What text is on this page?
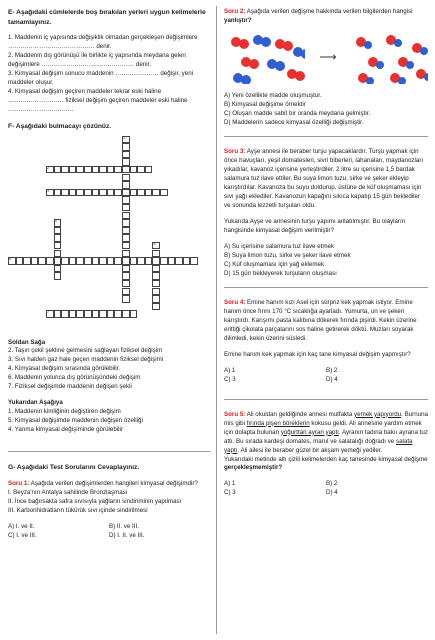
E- Aşağıdaki cümlelerde boş bırakılan yerleri uygun kelimelerle tamamlayınız.
1. Maddenin iç yapısında değişiklik olmadan gerçekleşen değişimlere …………………………………… denir.
2. Maddenin dış görünüşü ile birlikte iç yapısında meydana gelen değişimlere ……………………………………… denir.
3. Kimyasal değişim sonucu maddenin ………………… değişir, yeni maddeler oluşur.
4. Kimyasal değişim geçiren maddeler tekrar eski haline ……………………… fiziksel değişim geçiren maddeler eski haline …………………………..
F- Aşağıdaki bulmacayı çözünüz.
1
2
3
4
5
6
7
Soldan Sağa
2. Taşın çekil şekline gelmesini sağlayan fiziksel değişim
3. Sıvı halden gaz hale geçen maddenin fiziksel değişimi
4. Kimyasal değişim sırasında görülebilir.
6. Maddenin yolunca dış görünüşündeki değişim
7. Fiziksel değişimde maddenin değişen şekli
Yukarıdan Aşağıya
1. Maddenin kimliğinin değiştiren değişim
5. Kimyasal değişimde maddenin değişen özelliği
4. Yanma kimyasal değişiminde görülebilir
G- Aşağıdaki Test Sorularını Cevaplayınız.
Soru 1: Aşağıda verilen değişimlerden hangileri kimyasal değişimdir?
I. Beyza'nın Antalya sahilinde Bronzlaşması
II. İnce bağırsakta safra sıvısıyla yağların sindiriminin yapılması
III. Karbonhidratların tükürük sıvı içinde sindirilmesi
A) I. ve II.	B) II. ve III.
C) I. ve III.	D) I. II. ve III.
Soru 2: Aşağıda verilen değişme hakkında verilen bilgilerden hangisi yanlıştır?
⟶
A) Yeni özellikte madde oluşmuştur.
B) Kimyasal değişime örnektir
C) Oluşan madde sabit bir oranda meydana gelmiştir.
D) Maddelerin sadece kimyasal özelliği değişmiştir.
Soru 3: Ayşe annesi ile beraber turşu yapacaklardır. Turşu yapmak için önce havuçları, yeşil domatesleri, sivri biberleri, lahanaları, maydanozları yıkadılar, kavanoz içerisine yerleştirdiler. 2 litre su içerisine 1,5 bardak salamura tuz ilave ettiler. Bu suya limon tuzu, sirke ve şeker ekleyip karıştırdılar. Kavanoza bu suyu doldurup, üstüne de küf oluşmaması için sıvı yağı eklediler. Kavanozun kapağını sıkıca kapatıp 15 gün beklediler ve sonunda lezzetli turşuları oldu.
Yukarıda Ayşe ve annesinin turşu yapımı anlatılmıştır. Bu olayların hangisinde kimyasal değişim verilmiştir?
A) Su içerisine salamura tuz ilave etmek
B) Suya limon tuzu, sirke ve şeker ilave etmek
C) Küf oluşmaması için yağ eklemek
D) 15 gün bekleyerek turşuların oluşması
Soru 4: Emine hanım kızı Asel için sürpriz kek yapmak istiyor. Emine hanım önce fırını 170 °C sıcaklığa ayarladı. Yumurta, un ve şekeri karıştırdı. Karışımı pasta kalıbına dökerek fırında pişirdi. Kekin üzerine erittiği çikolata parçalarını sos haline getirerek döktü. Muzları soyarak dilimledi, kekin üzerini süsledi.
Emine hanım kek yapmak için kaç tane kimyasal değişim yapmıştır?
A) 1	B) 2
C) 3	D) 4
Soru 5: Ali okuldan geldiğinde annesi mutfakta yemek yapıyordu. Burnuna mis gibi fırında pişen böreklerin kokusu geldi. Ali annesine yardım etmek için dolapta bulunan yoğurttan ayran yaptı. Ayranın tadına bakıı ayrana tuz attı. Bu sırada kardeşi domates, marul ve salatalığı doğradı ve salata yaptı. Ali ailesi ile beraber güzel bir akşam yemeği yediler.
Yukarıdaki metinde altı çizili kelimelerden kaç tanesinde kimyasal değişme gerçekleşmemiştir?
A) 1	B) 2
C) 3	D) 4
